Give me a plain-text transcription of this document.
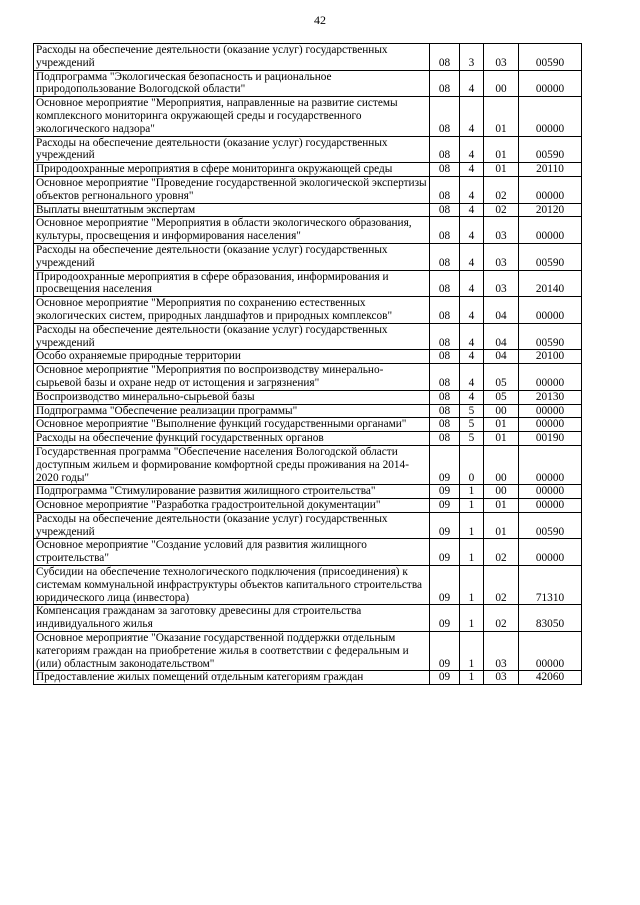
42
Расходы на обеспечение деятельности (оказание услуг) государственных учреждений	08	3	03	00590
Подпрограмма "Экологическая безопасность и рациональное природопользование Вологодской области"	08	4	00	00000
Основное мероприятие "Мероприятия, направленные на развитие системы комплексного мониторинга окружающей среды и государственного экологического надзора"	08	4	01	00000
Расходы на обеспечение деятельности (оказание услуг) государственных учреждений	08	4	01	00590
Природоохранные мероприятия в сфере мониторинга окружающей среды	08	4	01	20110
Основное мероприятие "Проведение государственной экологической экспертизы объектов регнонального уровня"	08	4	02	00000
Выплаты внештатным экспертам	08	4	02	20120
Основное мероприятие "Мероприятия в области экологического образования, культуры, просвещения и информирования населения"	08	4	03	00000
Расходы на обеспечение деятельности (оказание услуг) государственных учреждений	08	4	03	00590
Природоохранные мероприятия в сфере образования, информирования и просвещения населения	08	4	03	20140
Основное мероприятие "Мероприятия по сохранению естественных экологических систем, природных ландшафтов и природных комплексов"	08	4	04	00000
Расходы на обеспечение деятельности (оказание услуг) государственных учреждений	08	4	04	00590
Особо охраняемые природные территории	08	4	04	20100
Основное мероприятие "Мероприятия по воспроизводству минерально-сырьевой базы и охране недр от истощения и загрязнения"	08	4	05	00000
Воспроизводство минерально-сырьевой базы	08	4	05	20130
Подпрограмма "Обеспечение реализации программы"	08	5	00	00000
Основное мероприятие "Выполнение функций государственными органами"	08	5	01	00000
Расходы на обеспечение функций государственных органов	08	5	01	00190
Государственная программа "Обеспечение населения Вологодской области доступным жильем и формирование комфортной среды проживания на 2014-2020 годы"	09	0	00	00000
Подпрограмма "Стимулирование развития жилищного строительства"	09	1	00	00000
Основное мероприятие "Разработка градостроительной документации"	09	1	01	00000
Расходы на обеспечение деятельности (оказание услуг) государственных учреждений	09	1	01	00590
Основное мероприятие "Создание условий для развития жилищного строительства"	09	1	02	00000
Субсидии на обеспечение технологического подключения (присоединения) к системам коммунальной инфраструктуры объектов капитального строительства юридического лица (инвестора)	09	1	02	71310
Компенсация гражданам за заготовку древесины для строительства индивидуального жилья	09	1	02	83050
Основное мероприятие "Оказание государственной поддержки отдельным категориям граждан на приобретение жилья в соответствии с федеральным и (или) областным законодательством"	09	1	03	00000
Предоставление жилых помещений отдельным категориям граждан	09	1	03	42060
